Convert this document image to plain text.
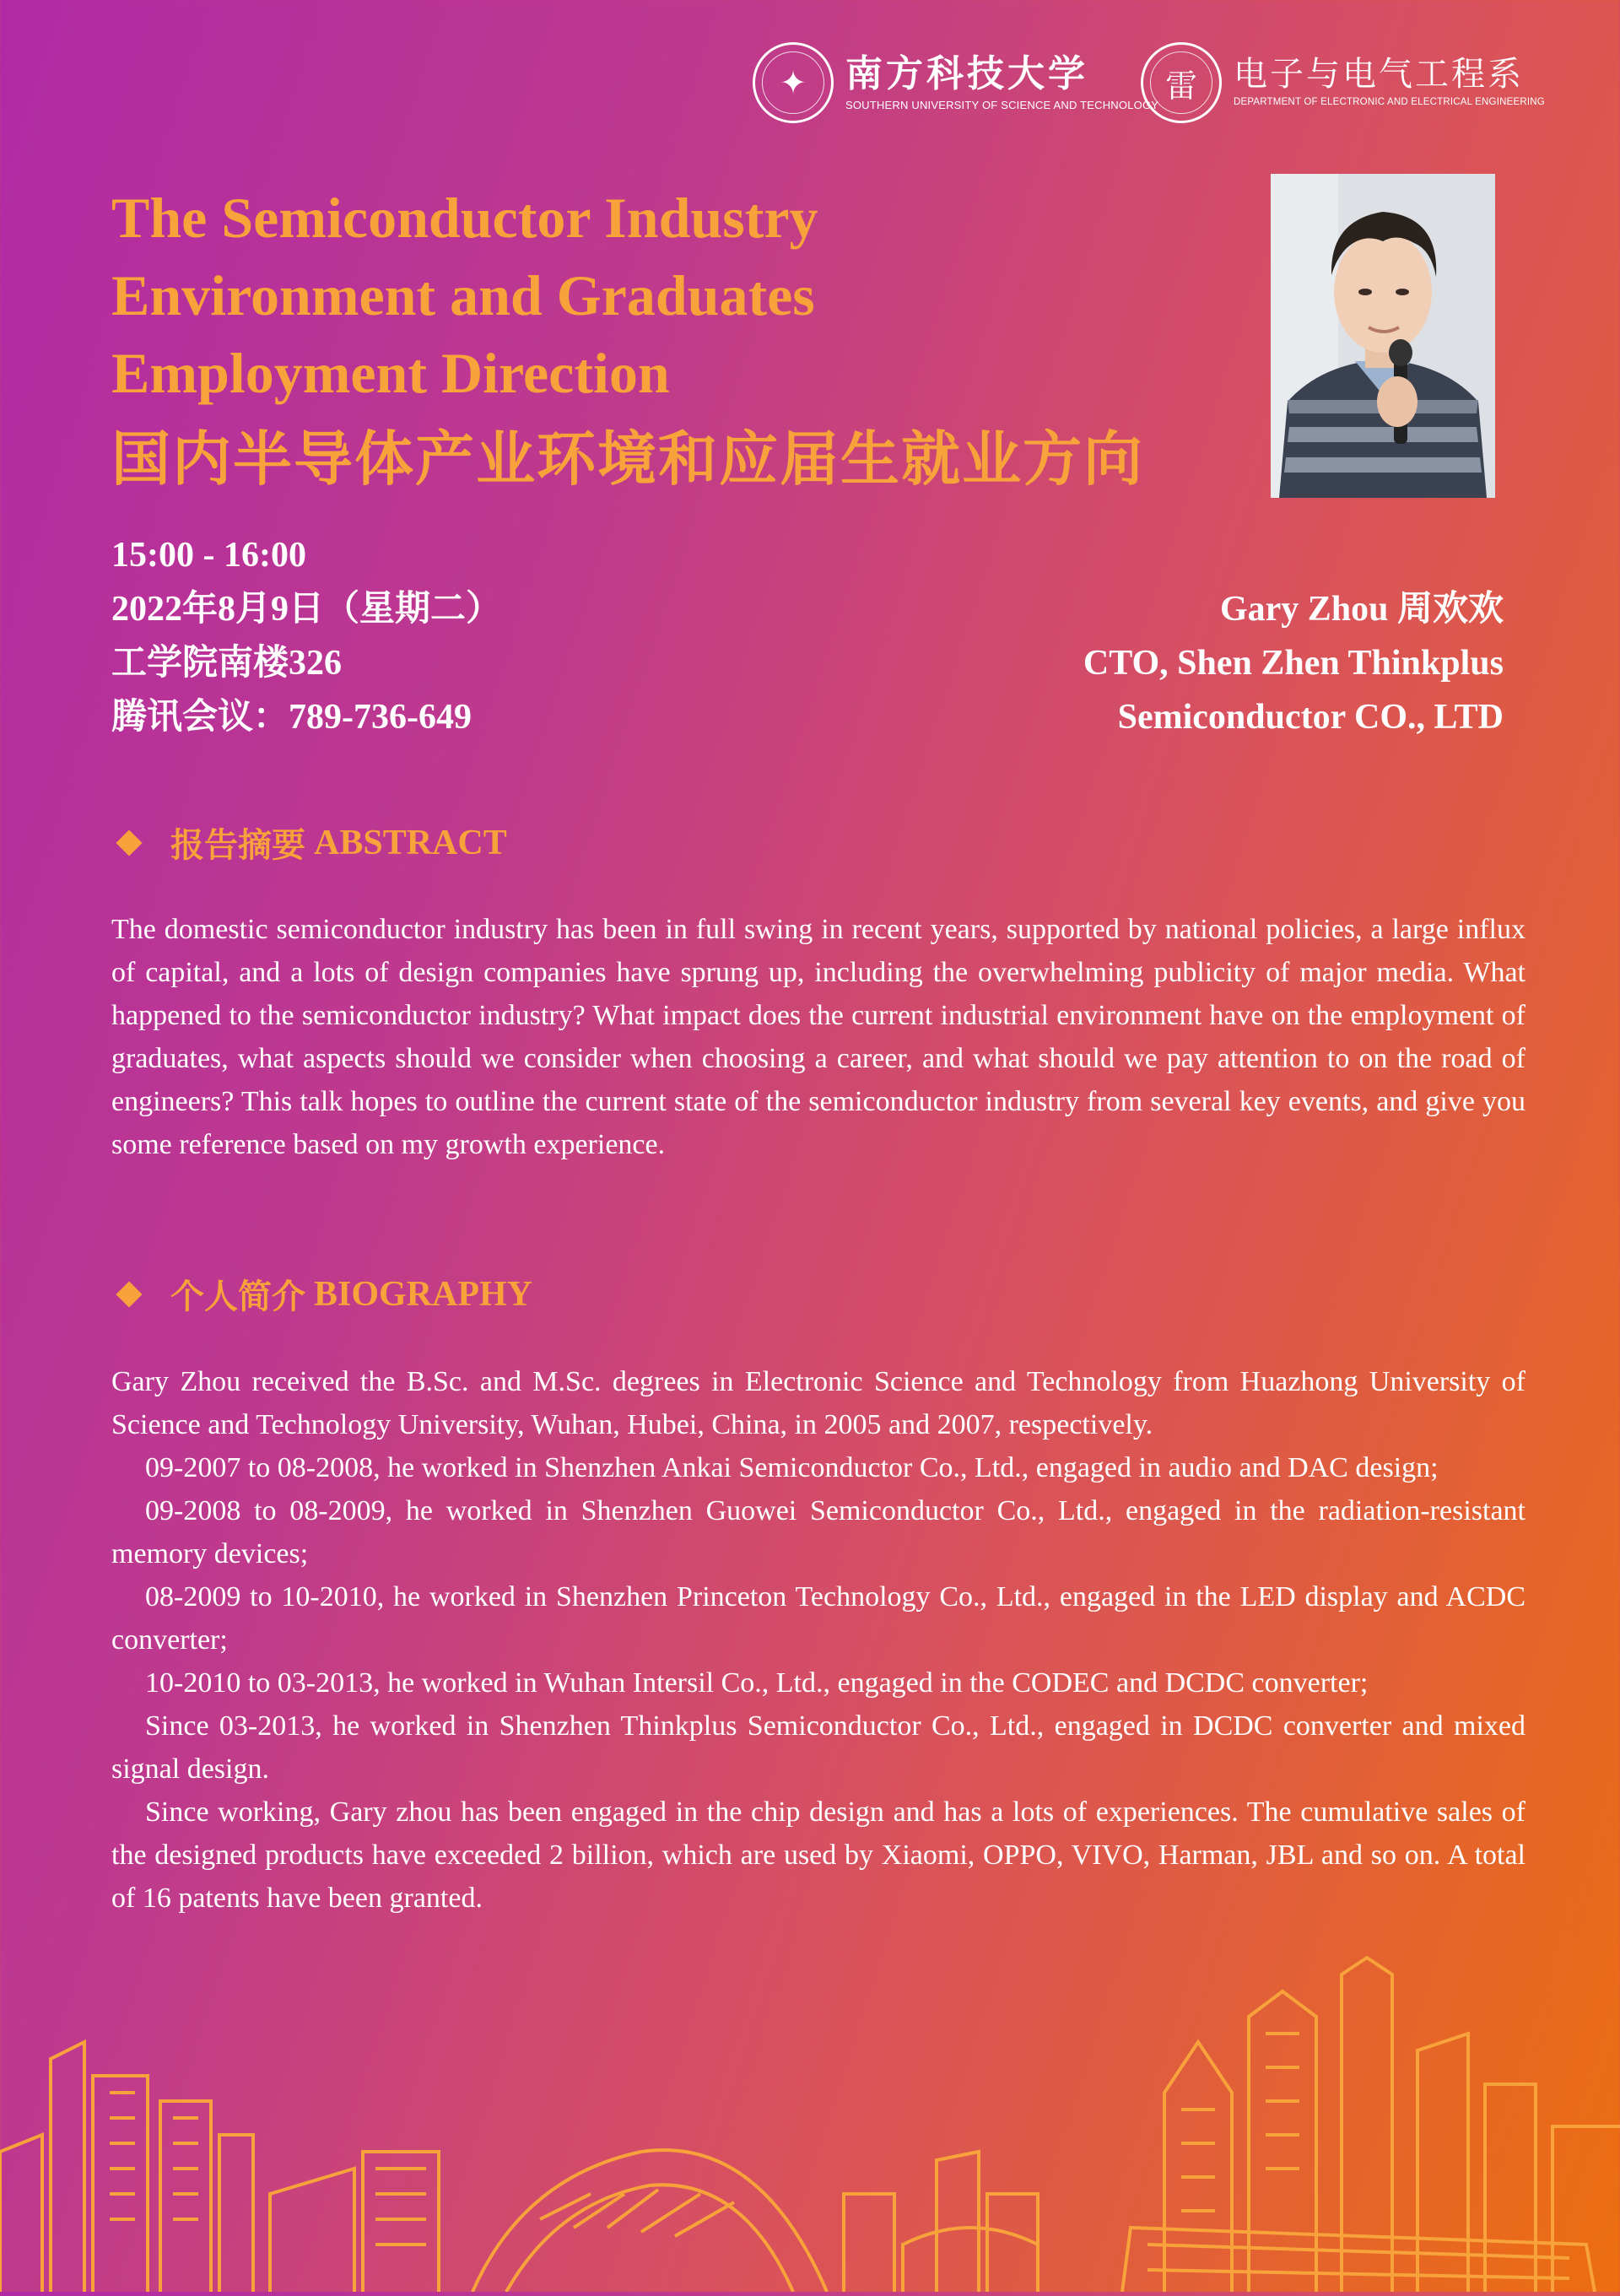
✦ 南方科技大学
SOUTHERN UNIVERSITY OF SCIENCE AND TECHNOLOGY
雷 电子与电气工程系
DEPARTMENT OF ELECTRONIC AND ELECTRICAL ENGINEERING
The Semiconductor Industry
Environment and Graduates
Employment Direction
国内半导体产业环境和应届生就业方向
15:00 - 16:00
2022年8月9日（星期二）
工学院南楼326
腾讯会议：789-736-649
Gary Zhou 周欢欢
CTO, Shen Zhen Thinkplus
Semiconductor CO., LTD
报告摘要 ABSTRACT

The domestic semiconductor industry has been in full swing in recent years, supported by national policies, a large influx of capital, and a lots of design companies have sprung up, including the overwhelming publicity of major media. What happened to the semiconductor industry? What impact does the current industrial environment have on the employment of graduates, what aspects should we consider when choosing a career, and what should we pay attention to on the road of engineers? This talk hopes to outline the current state of the semiconductor industry from several key events, and give you some reference based on my growth experience.

个人简介 BIOGRAPHY

Gary Zhou received the B.Sc. and M.Sc. degrees in Electronic Science and Technology from Huazhong University of Science and Technology University, Wuhan, Hubei, China, in 2005 and 2007, respectively.

09-2007 to 08-2008, he worked in Shenzhen Ankai Semiconductor Co., Ltd., engaged in audio and DAC design;

09-2008 to 08-2009, he worked in Shenzhen Guowei Semiconductor Co., Ltd., engaged in the radiation-resistant memory devices;

08-2009 to 10-2010, he worked in Shenzhen Princeton Technology Co., Ltd., engaged in the LED display and ACDC converter;

10-2010 to 03-2013, he worked in Wuhan Intersil Co., Ltd., engaged in the CODEC and DCDC converter;

Since 03-2013, he worked in Shenzhen Thinkplus Semiconductor Co., Ltd., engaged in DCDC converter and mixed signal design.

Since working, Gary zhou has been engaged in the chip design and has a lots of experiences. The cumulative sales of the designed products have exceeded 2 billion, which are used by Xiaomi, OPPO, VIVO, Harman, JBL and so on. A total of 16 patents have been granted.
